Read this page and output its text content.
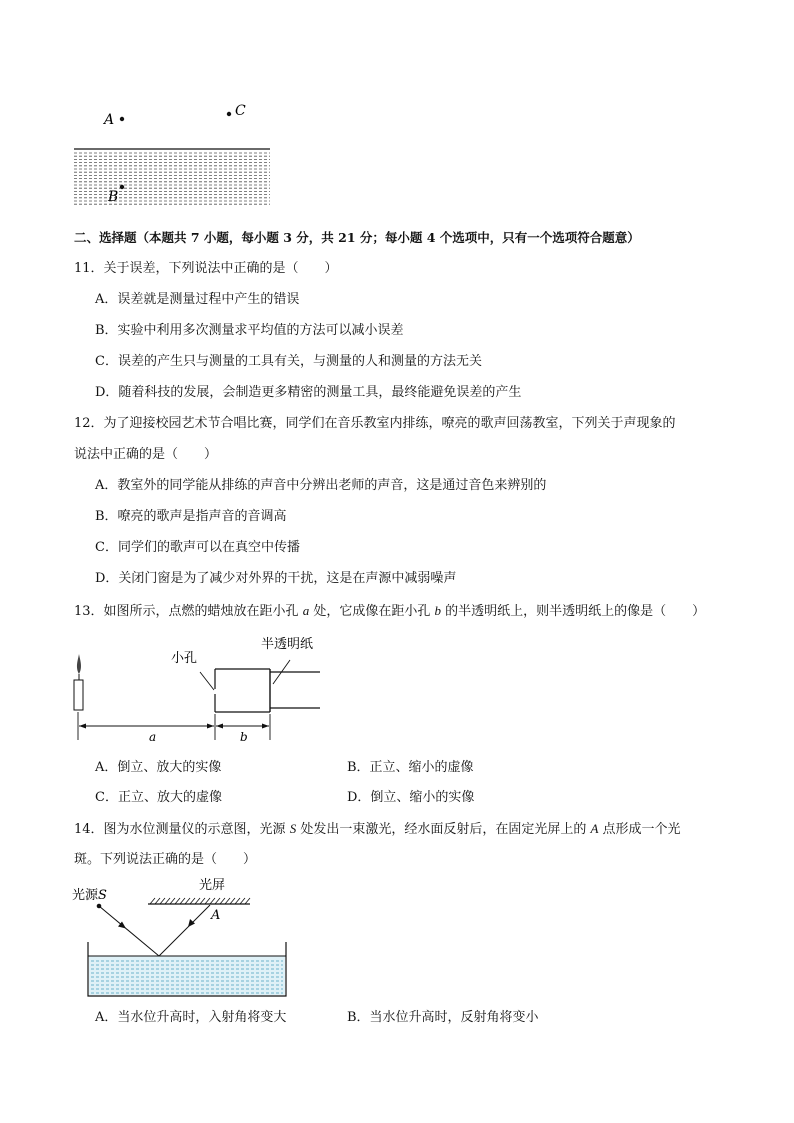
A
C
B
二、选择题（本题共 7 小题，每小题 3 分，共 21 分；每小题 4 个选项中，只有一个选项符合题意）
11．关于误差，下列说法中正确的是（　　）
A．误差就是测量过程中产生的错误
B．实验中利用多次测量求平均值的方法可以减小误差
C．误差的产生只与测量的工具有关，与测量的人和测量的方法无关
D．随着科技的发展，会制造更多精密的测量工具，最终能避免误差的产生
12．为了迎接校园艺术节合唱比赛，同学们在音乐教室内排练，嘹亮的歌声回荡教室，下列关于声现象的
说法中正确的是（　　）
A．教室外的同学能从排练的声音中分辨出老师的声音，这是通过音色来辨别的
B．嘹亮的歌声是指声音的音调高
C．同学们的歌声可以在真空中传播
D．关闭门窗是为了减少对外界的干扰，这是在声源中减弱噪声
13．如图所示，点燃的蜡烛放在距小孔 a 处，它成像在距小孔 b 的半透明纸上，则半透明纸上的像是（　　）
小孔
半透明纸
a	b
A．倒立、放大的实像	B．正立、缩小的虚像
C．正立、放大的虚像	D．倒立、缩小的实像
14．图为水位测量仪的示意图，光源 S 处发出一束激光，经水面反射后，在固定光屏上的 A 点形成一个光
斑。下列说法正确的是（　　）
光源S
光屏
A
A．当水位升高时，入射角将变大	B．当水位升高时，反射角将变小
